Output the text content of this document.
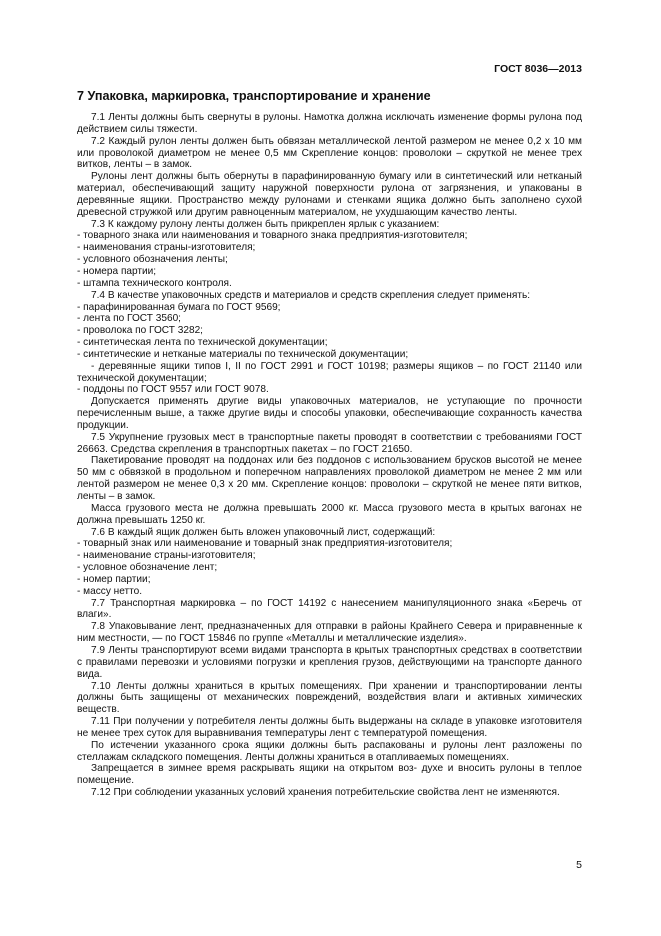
ГОСТ 8036—2013
7 Упаковка, маркировка, транспортирование и хранение

7.1 Ленты должны быть свернуты в рулоны. Намотка должна исключать изменение формы рулона под действием силы тяжести.

7.2 Каждый рулон ленты должен быть обвязан металлической лентой размером не менее 0,2 х 10 мм или проволокой диаметром не менее 0,5 мм Скрепление концов: проволоки – скруткой не менее трех витков, ленты – в замок.

Рулоны лент должны быть обернуты в парафинированную бумагу или в синтетический или нетканый материал, обеспечивающий защиту наружной поверхности рулона от загрязнения, и упакованы в деревянные ящики. Пространство между рулонами и стенками ящика должно быть заполнено сухой древесной стружкой или другим равноценным материалом, не ухудшающим качество ленты.

7.3 К каждому рулону ленты должен быть прикреплен ярлык с указанием:

- товарного знака или наименования и товарного знака предприятия-изготовителя;

- наименования страны-изготовителя;

- условного обозначения ленты;

- номера партии;

- штампа технического контроля.

7.4 В качестве упаковочных средств и материалов и средств скрепления следует применять:

- парафинированная бумага по ГОСТ 9569;

- лента по ГОСТ 3560;

- проволока по ГОСТ 3282;

- синтетическая лента по технической документации;

- синтетические и нетканые материалы по технической документации;

- деревянные ящики типов I, II по ГОСТ 2991 и ГОСТ 10198; размеры ящиков – по ГОСТ 21140 или технической документации;

- поддоны по ГОСТ 9557 или ГОСТ 9078.

Допускается применять другие виды упаковочных материалов, не уступающие по прочности перечисленным выше, а также другие виды и способы упаковки, обеспечивающие сохранность качества продукции.

7.5 Укрупнение грузовых мест в транспортные пакеты проводят в соответствии с требованиями ГОСТ 26663. Средства скрепления в транспортных пакетах – по ГОСТ 21650.

Пакетирование проводят на поддонах или без поддонов с использованием брусков высотой не менее 50 мм с обвязкой в продольном и поперечном направлениях проволокой диаметром не менее 2 мм или лентой размером не менее 0,3 х 20 мм. Скрепление концов: проволоки – скруткой не менее пяти витков, ленты – в замок.

Масса грузового места не должна превышать 2000 кг. Масса грузового места в крытых вагонах не должна превышать 1250 кг.

7.6 В каждый ящик должен быть вложен упаковочный лист, содержащий:

- товарный знак или наименование и товарный знак предприятия-изготовителя;

- наименование страны-изготовителя;

- условное обозначение лент;

- номер партии;

- массу нетто.

7.7 Транспортная маркировка – по ГОСТ 14192 с нанесением манипуляционного знака «Беречь от влаги».

7.8 Упаковывание лент, предназначенных для отправки в районы Крайнего Севера и приравненные к ним местности, — по ГОСТ 15846 по группе «Металлы и металлические изделия».

7.9 Ленты транспортируют всеми видами транспорта в крытых транспортных средствах в соответствии с правилами перевозки и условиями погрузки и крепления грузов, действующими на транспорте данного вида.

7.10 Ленты должны храниться в крытых помещениях. При хранении и транспортировании ленты должны быть защищены от механических повреждений, воздействия влаги и активных химических веществ.

7.11 При получении у потребителя ленты должны быть выдержаны на складе в упаковке изготовителя не менее трех суток для выравнивания температуры лент с температурой помещения.

По истечении указанного срока ящики должны быть распакованы и рулоны лент разложены по стеллажам складского помещения. Ленты должны храниться в отапливаемых помещениях.

Запрещается в зимнее время раскрывать ящики на открытом воз- духе и вносить рулоны в теплое помещение.

7.12 При соблюдении указанных условий хранения потребительские свойства лент не изменяются.

5
